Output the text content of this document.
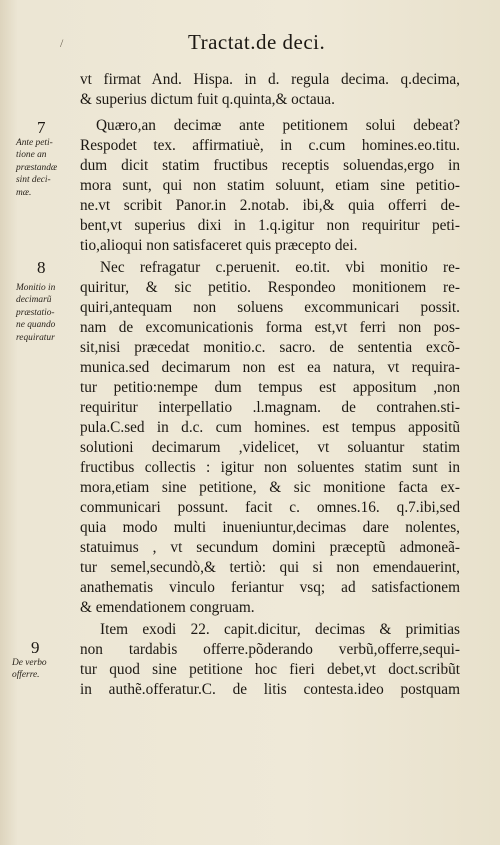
/	Tractat.de deci.
7
8
9
Ante peti-
tione an
præstandæ
sint deci-
mæ.
Monitio in
decimarũ
præstatio-
ne quando
requiratur
De verbo
offerre.
vt firmat And. Hispa. in d. regula decima. q.decima,
& superius dictum fuit q.quinta,& octaua.
Quæro,an decimæ ante petitionem solui debeat?
Respodet tex. affirmatiuè, in c.cum homines.eo.titu.
dum dicit statim fructibus receptis soluendas,ergo in
mora sunt, qui non statim soluunt, etiam sine petitio-
ne.vt scribit Panor.in 2.notab. ibi,& quia offerri de-
bent,vt superius dixi in 1.q.igitur non requiritur peti-
tio,alioqui non satisfaceret quis præcepto dei.
Nec refragatur c.peruenit. eo.tit. vbi monitio re-
quiritur, & sic petitio. Respondeo monitionem re-
quiri,antequam non soluens excommunicari possit.
nam de excomunicationis forma est,vt ferri non pos-
sit,nisi præcedat monitio.c. sacro. de sententia excõ-
munica.sed decimarum non est ea natura, vt requira-
tur petitio:nempe dum tempus est appositum ,non
requiritur interpellatio .l.magnam. de contrahen.sti-
pula.C.sed in d.c. cum homines. est tempus appositũ
solutioni decimarum ,videlicet, vt soluantur statim
fructibus collectis : igitur non soluentes statim sunt in
mora,etiam sine petitione, & sic monitione facta ex-
communicari possunt. facit c. omnes.16. q.7.ibi,sed
quia modo multi inueniuntur,decimas dare nolentes,
statuimus , vt secundum domini præceptũ admoneã-
tur semel,secundò,& tertiò: qui si non emendauerint,
anathematis vinculo feriantur vsq; ad satisfactionem
& emendationem congruam.
Item exodi 22. capit.dicitur, decimas & primitias
non tardabis offerre.põderando verbũ,offerre,sequi-
tur quod sine petitione hoc fieri debet,vt doct.scribũt
in authẽ.offeratur.C. de litis contesta.ideo postquam
